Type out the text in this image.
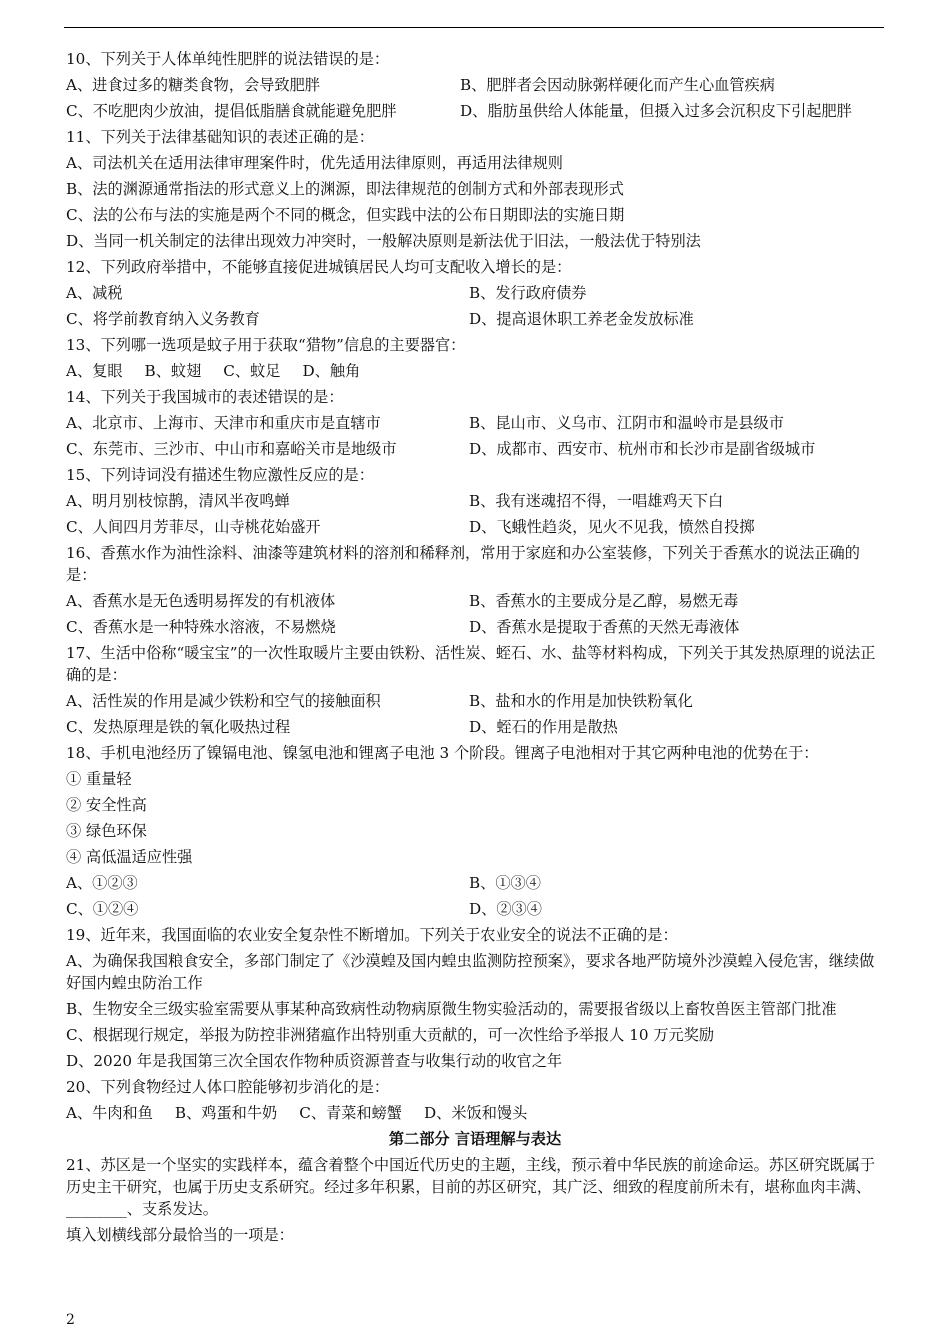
10、下列关于人体单纯性肥胖的说法错误的是：
A、进食过多的糖类食物，会导致肥胖	B、肥胖者会因动脉粥样硬化而产生心血管疾病
C、不吃肥肉少放油，提倡低脂膳食就能避免肥胖	D、脂肪虽供给人体能量，但摄入过多会沉积皮下引起肥胖
11、下列关于法律基础知识的表述正确的是：
A、司法机关在适用法律审理案件时，优先适用法律原则，再适用法律规则
B、法的渊源通常指法的形式意义上的渊源，即法律规范的创制方式和外部表现形式
C、法的公布与法的实施是两个不同的概念，但实践中法的公布日期即法的实施日期
D、当同一机关制定的法律出现效力冲突时，一般解决原则是新法优于旧法，一般法优于特别法
12、下列政府举措中，不能够直接促进城镇居民人均可支配收入增长的是：
A、减税	B、发行政府债券
C、将学前教育纳入义务教育	D、提高退休职工养老金发放标准
13、下列哪一选项是蚊子用于获取“猎物”信息的主要器官：
A、复眼 B、蚊翅 C、蚊足 D、触角
14、下列关于我国城市的表述错误的是：
A、北京市、上海市、天津市和重庆市是直辖市	B、昆山市、义乌市、江阴市和温岭市是县级市
C、东莞市、三沙市、中山市和嘉峪关市是地级市	D、成都市、西安市、杭州市和长沙市是副省级城市
15、下列诗词没有描述生物应激性反应的是：
A、明月别枝惊鹊，清风半夜鸣蝉	B、我有迷魂招不得，一唱雄鸡天下白
C、人间四月芳菲尽，山寺桃花始盛开	D、飞蛾性趋炎，见火不见我，愤然自投掷
16、香蕉水作为油性涂料、油漆等建筑材料的溶剂和稀释剂，常用于家庭和办公室装修，下列关于香蕉水的说法正确的是：
A、香蕉水是无色透明易挥发的有机液体	B、香蕉水的主要成分是乙醇，易燃无毒
C、香蕉水是一种特殊水溶液，不易燃烧	D、香蕉水是提取于香蕉的天然无毒液体
17、生活中俗称“暖宝宝”的一次性取暖片主要由铁粉、活性炭、蛭石、水、盐等材料构成，下列关于其发热原理的说法正确的是：
A、活性炭的作用是减少铁粉和空气的接触面积	B、盐和水的作用是加快铁粉氧化
C、发热原理是铁的氧化吸热过程	D、蛭石的作用是散热
18、手机电池经历了镍镉电池、镍氢电池和锂离子电池 3 个阶段。锂离子电池相对于其它两种电池的优势在于：
① 重量轻
② 安全性高
③ 绿色环保
④ 高低温适应性强
A、①②③	B、①③④
C、①②④	D、②③④
19、近年来，我国面临的农业安全复杂性不断增加。下列关于农业安全的说法不正确的是：
A、为确保我国粮食安全，多部门制定了《沙漠蝗及国内蝗虫监测防控预案》，要求各地严防境外沙漠蝗入侵危害，继续做好国内蝗虫防治工作
B、生物安全三级实验室需要从事某种高致病性动物病原微生物实验活动的，需要报省级以上畜牧兽医主管部门批准
C、根据现行规定，举报为防控非洲猪瘟作出特别重大贡献的，可一次性给予举报人 10 万元奖励
D、2020 年是我国第三次全国农作物种质资源普查与收集行动的收官之年
20、下列食物经过人体口腔能够初步消化的是：
A、牛肉和鱼 B、鸡蛋和牛奶 C、青菜和螃蟹 D、米饭和馒头
第二部分 言语理解与表达
21、苏区是一个坚实的实践样本，蕴含着整个中国近代历史的主题，主线，预示着中华民族的前途命运。苏区研究既属于历史主干研究，也属于历史支系研究。经过多年积累，目前的苏区研究，其广泛、细致的程度前所未有，堪称血肉丰满、________、支系发达。
填入划横线部分最恰当的一项是：
2
